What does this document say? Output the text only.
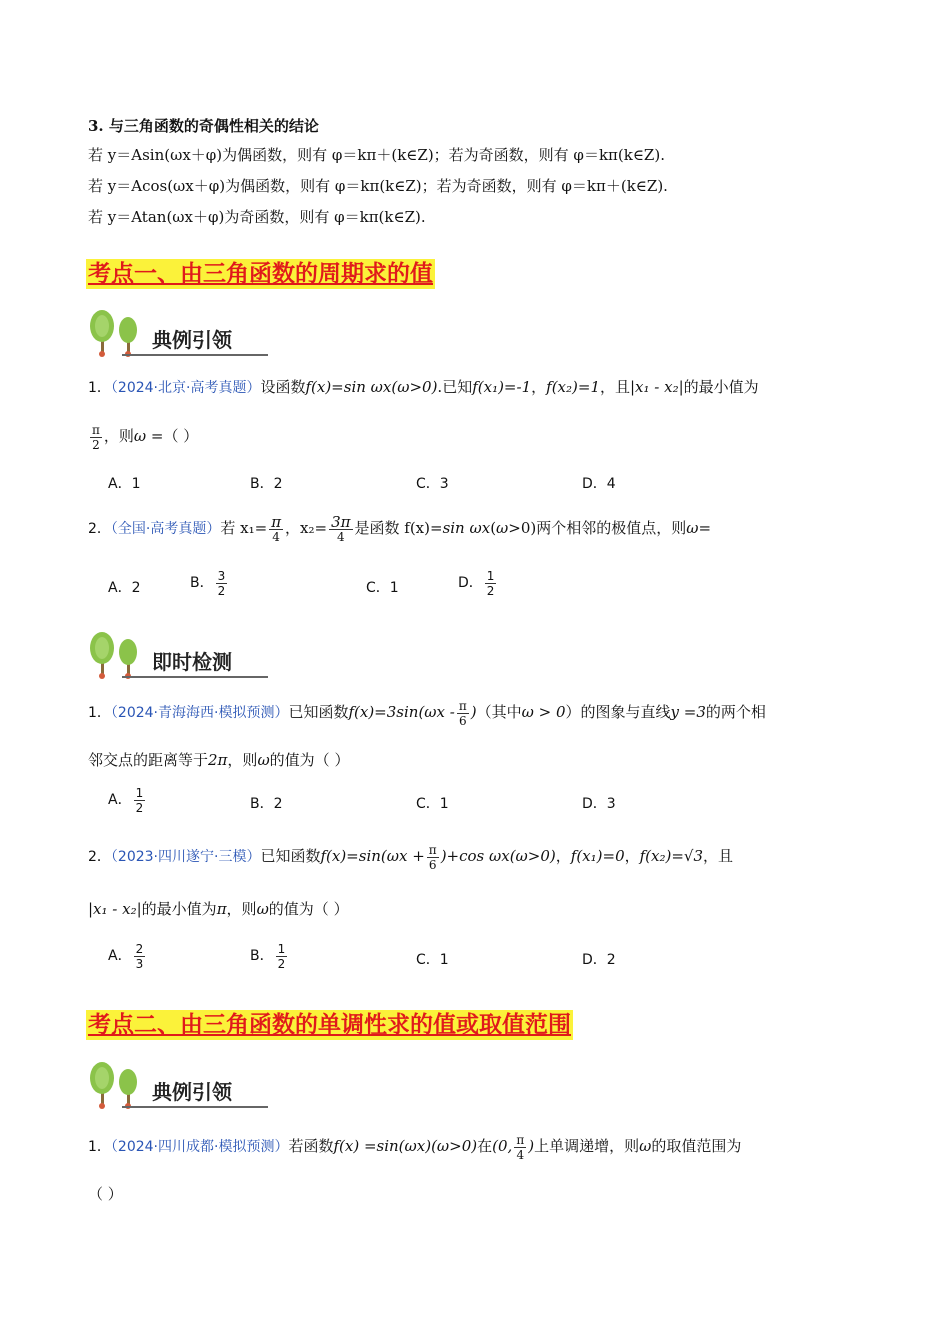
3. 与三角函数的奇偶性相关的结论
若 y＝Asin(ωx＋φ)为偶函数，则有 φ＝kπ＋(k∈Z)；若为奇函数，则有 φ＝kπ(k∈Z).
若 y＝Acos(ωx＋φ)为偶函数，则有 φ＝kπ(k∈Z)；若为奇函数，则有 φ＝kπ＋(k∈Z).
若 y＝Atan(ωx＋φ)为奇函数，则有 φ＝kπ(k∈Z).
考点一、由三角函数的周期求的值
典例引领
1．（2024·北京·高考真题）设函数f(x)=sin ωx(ω>0).已知f(x₁)=-1，f(x₂)=1，且|x₁ - x₂|的最小值为
$\frac{\pi}{2}$ ，则ω =（ ）
A．1	B．2	C．3	D．4
2．（全国·高考真题）若 $x_1= \frac{\pi}{4}$ ，$x_2= \frac{3\pi}{4}$ 是函数 f(x)=sin ωx(ω>0)两个相邻的极值点，则ω=
A．2	B． $\frac{3}{2}$	C．1	D． $\frac{1}{2}$
即时检测
1．（2024·青海海西·模拟预测）已知函数$f(x)=3\sin(\omega x - \frac{\pi}{6}$ )（其中ω > 0）的图象与直线y =3的两个相
邻交点的距离等于2π，则ω的值为（ ）
A． $\frac{1}{2}$	B．2	C．1	D．3
2．（2023·四川遂宁·三模）已知函数$f(x)=\sin(\omega x + \frac{\pi}{6} )+\cos$ ωx(ω>0)，f(x₁)=0，f(x₂)=√3，且
|x₁ - x₂|的最小值为π，则ω的值为（ ）
A． $\frac{2}{3}$	B． $\frac{1}{2}$	C．1	D．2
考点二、由三角函数的单调性求的值或取值范围
典例引领
1．（2024·四川成都·模拟预测）若函数f(x) =sin(ωx)(ω>0)在(0, $\frac{\pi}{4}$ )上单调递增，则ω的取值范围为
（ ）
